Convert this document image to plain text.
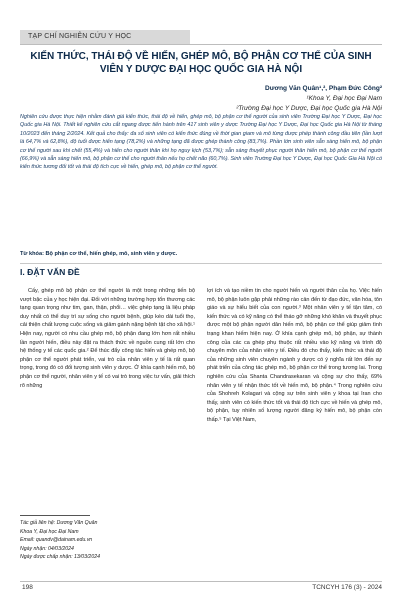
TẠP CHÍ NGHIÊN CỨU Y HỌC
KIẾN THỨC, THÁI ĐỘ VỀ HIẾN, GHÉP MÔ, BỘ PHẬN CƠ THỂ CỦA SINH VIÊN Y DƯỢC ĐẠI HỌC QUỐC GIA HÀ NỘI
Dương Văn Quân¹,², Phạm Đức Công²
¹Khoa Y, Đại học Đại Nam
²Trường Đại học Y Dược, Đại học Quốc gia Hà Nội

Nghiên cứu được thực hiện nhằm đánh giá kiến thức, thái độ về hiến, ghép mô, bộ phận cơ thể người của sinh viên Trường Đại học Y Dược, Đại học Quốc gia Hà Nội. Thiết kế nghiên cứu cắt ngang được tiến hành trên 417 sinh viên y dược Trường Đại học Y Dược, Đại học Quốc gia Hà Nội từ tháng 10/2023 đến tháng 2/2024. Kết quả cho thấy: đa số sinh viên có kiến thức đúng về thời gian giam và mô từng được phép thành công đầu tiên (lần lượt là 64,7% và 62,8%), độ tuổi được hiến tạng (78,2%) và những tạng đã được ghép thành công (83,7%). Phần lớn sinh viên sẵn sàng hiến mô, bộ phận cơ thể người sau khi chết (55,4%) và hiến cho người thân khi họ nguy kịch (53,7%); sẵn sàng thuyết phục người thân hiến mô, bộ phận cơ thể người (66,9%) và sẵn sàng hiến mô, bộ phận cơ thể cho người thân nếu họ chết não (60,7%). Sinh viên Trường Đại học Y Dược, Đại học Quốc Gia Hà Nội có kiến thức tương đối tốt và thái độ tích cực về hiến, ghép mô, bộ phận cơ thể người.

Từ khóa: Bộ phận cơ thể, hiến ghép, mô, sinh viên y dược.

I. ĐẶT VẤN ĐỀ

Cấy, ghép mô bộ phận cơ thể người là một trong những tiến bộ vượt bậc của y học hiện đại. Đối với những trường hợp tổn thương các tạng quan trọng như tim, gan, thận, phổi… việc ghép tạng là liệu pháp duy nhất có thể duy trì sự sống cho người bệnh, giúp kéo dài tuổi thọ, cải thiện chất lượng cuộc sống và giảm gánh nặng bệnh tật cho xã hội.¹ Hiện nay, người có nhu cầu ghép mô, bộ phận đang lớn hơn rất nhiều lần người hiến, điều này đặt ra thách thức về nguồn cung rất lớn cho hệ thống y tế các quốc gia.² Để thúc đẩy công tác hiến và ghép mô, bộ phận cơ thể người phát triển, vai trò của nhân viên y tế là rất quan trọng, trong đó có đối tượng sinh viên y dược. Ở khía cạnh hiến mô, bộ phận cơ thể người, nhân viên y tế có vai trò trong việc tư vấn, giải thích rõ những

lợi ích và tạo niềm tin cho người hiến và người thân của họ. Việc hiến mô, bộ phận luôn gặp phải những rào cản đến từ đạo đức, văn hóa, tôn giáo và sự hiểu biết của con người.³ Một nhân viên y tế tận tâm, có kiến thức và có kỹ năng có thể tháo gỡ những khó khăn và thuyết phục được một bộ phận người dân hiến mô, bộ phận cơ thể giúp giảm tình trạng khan hiếm hiện nay. Ở khía cạnh ghép mô, bộ phận, sự thành công của các ca ghép phụ thuộc rất nhiều vào kỹ năng và trình độ chuyên môn của nhân viên y tế. Điều đó cho thấy, kiến thức và thái độ của những sinh viên chuyên ngành y dược có ý nghĩa rất lớn đến sự phát triển của công tác ghép mô, bộ phận cơ thể trong tương lai. Trong nghiên cứu của Shanta Chandrasekaran và cộng sự cho thấy, 69% nhân viên y tế nhận thức tốt về hiến mô, bộ phận.⁴ Trong nghiên cứu của Shohreh Kolagari và cộng sự trên sinh viên y khoa tại Iran cho thấy, sinh viên có kiến thức tốt và thái độ tích cực về hiến và ghép mô, bộ phận, tuy nhiên số lượng người đăng ký hiến mô, bộ phận còn thấp.⁵ Tại Việt Nam,

Tác giả liên hệ: Dương Văn Quân
Khoa Y, Đại học Đại Nam
Email: quandv@dainam.edu.vn
Ngày nhận: 04/03/2024
Ngày được chấp nhận: 13/03/2024
198	TCNCYH 176 (3) - 2024
